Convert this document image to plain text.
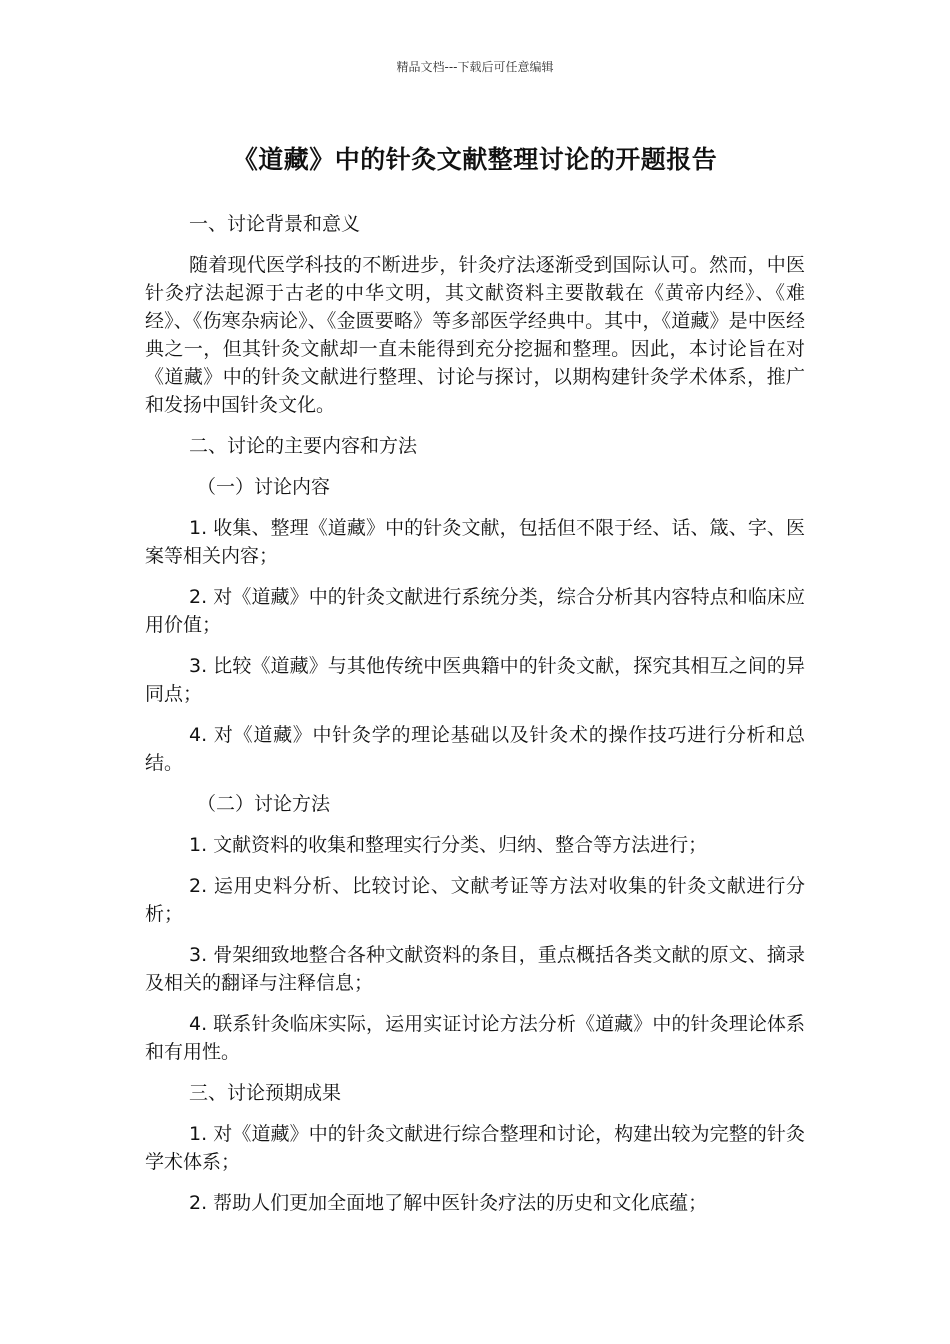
精品文档---下载后可任意编辑
《道藏》中的针灸文献整理讨论的开题报告

一、讨论背景和意义

随着现代医学科技的不断进步，针灸疗法逐渐受到国际认可。然而，中医针灸疗法起源于古老的中华文明，其文献资料主要散载在《黄帝内经》、《难经》、《伤寒杂病论》、《金匮要略》等多部医学经典中。其中，《道藏》是中医经典之一，但其针灸文献却一直未能得到充分挖掘和整理。因此，本讨论旨在对《道藏》中的针灸文献进行整理、讨论与探讨，以期构建针灸学术体系，推广和发扬中国针灸文化。

二、讨论的主要内容和方法

（一）讨论内容

1. 收集、整理《道藏》中的针灸文献，包括但不限于经、话、箴、字、医案等相关内容；

2. 对《道藏》中的针灸文献进行系统分类，综合分析其内容特点和临床应用价值；

3. 比较《道藏》与其他传统中医典籍中的针灸文献，探究其相互之间的异同点；

4. 对《道藏》中针灸学的理论基础以及针灸术的操作技巧进行分析和总结。

（二）讨论方法

1. 文献资料的收集和整理实行分类、归纳、整合等方法进行；

2. 运用史料分析、比较讨论、文献考证等方法对收集的针灸文献进行分析；

3. 骨架细致地整合各种文献资料的条目，重点概括各类文献的原文、摘录及相关的翻译与注释信息；

4. 联系针灸临床实际，运用实证讨论方法分析《道藏》中的针灸理论体系和有用性。

三、讨论预期成果

1. 对《道藏》中的针灸文献进行综合整理和讨论，构建出较为完整的针灸学术体系；

2. 帮助人们更加全面地了解中医针灸疗法的历史和文化底蕴；
